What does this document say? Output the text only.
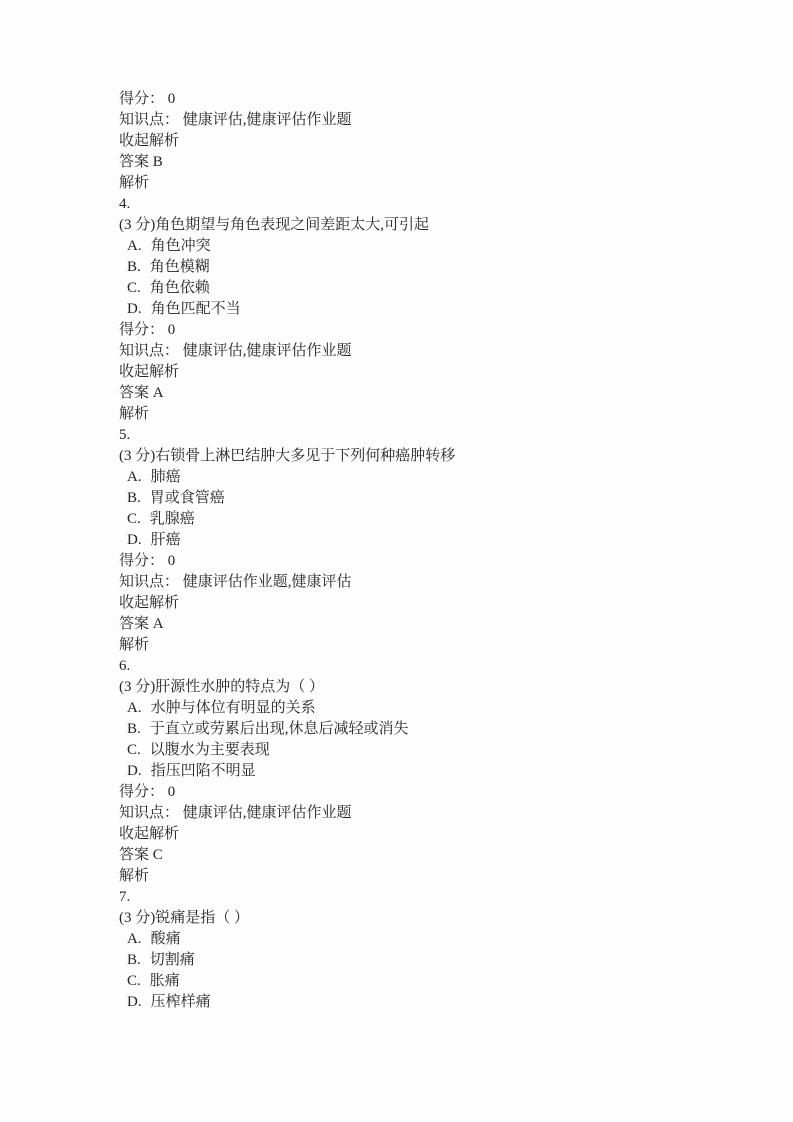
得分： 0
知识点： 健康评估,健康评估作业题
收起解析
答案 B
解析
4.
(3 分)角色期望与角色表现之间差距太大,可引起
A. 角色冲突
B. 角色模糊
C. 角色依赖
D. 角色匹配不当
得分： 0
知识点： 健康评估,健康评估作业题
收起解析
答案 A
解析
5.
(3 分)右锁骨上淋巴结肿大多见于下列何种癌肿转移
A. 肺癌
B. 胃或食管癌
C. 乳腺癌
D. 肝癌
得分： 0
知识点： 健康评估作业题,健康评估
收起解析
答案 A
解析
6.
(3 分)肝源性水肿的特点为（ ）
A. 水肿与体位有明显的关系
B. 于直立或劳累后出现,休息后减轻或消失
C. 以腹水为主要表现
D. 指压凹陷不明显
得分： 0
知识点： 健康评估,健康评估作业题
收起解析
答案 C
解析
7.
(3 分)锐痛是指（ ）
A. 酸痛
B. 切割痛
C. 胀痛
D. 压榨样痛
